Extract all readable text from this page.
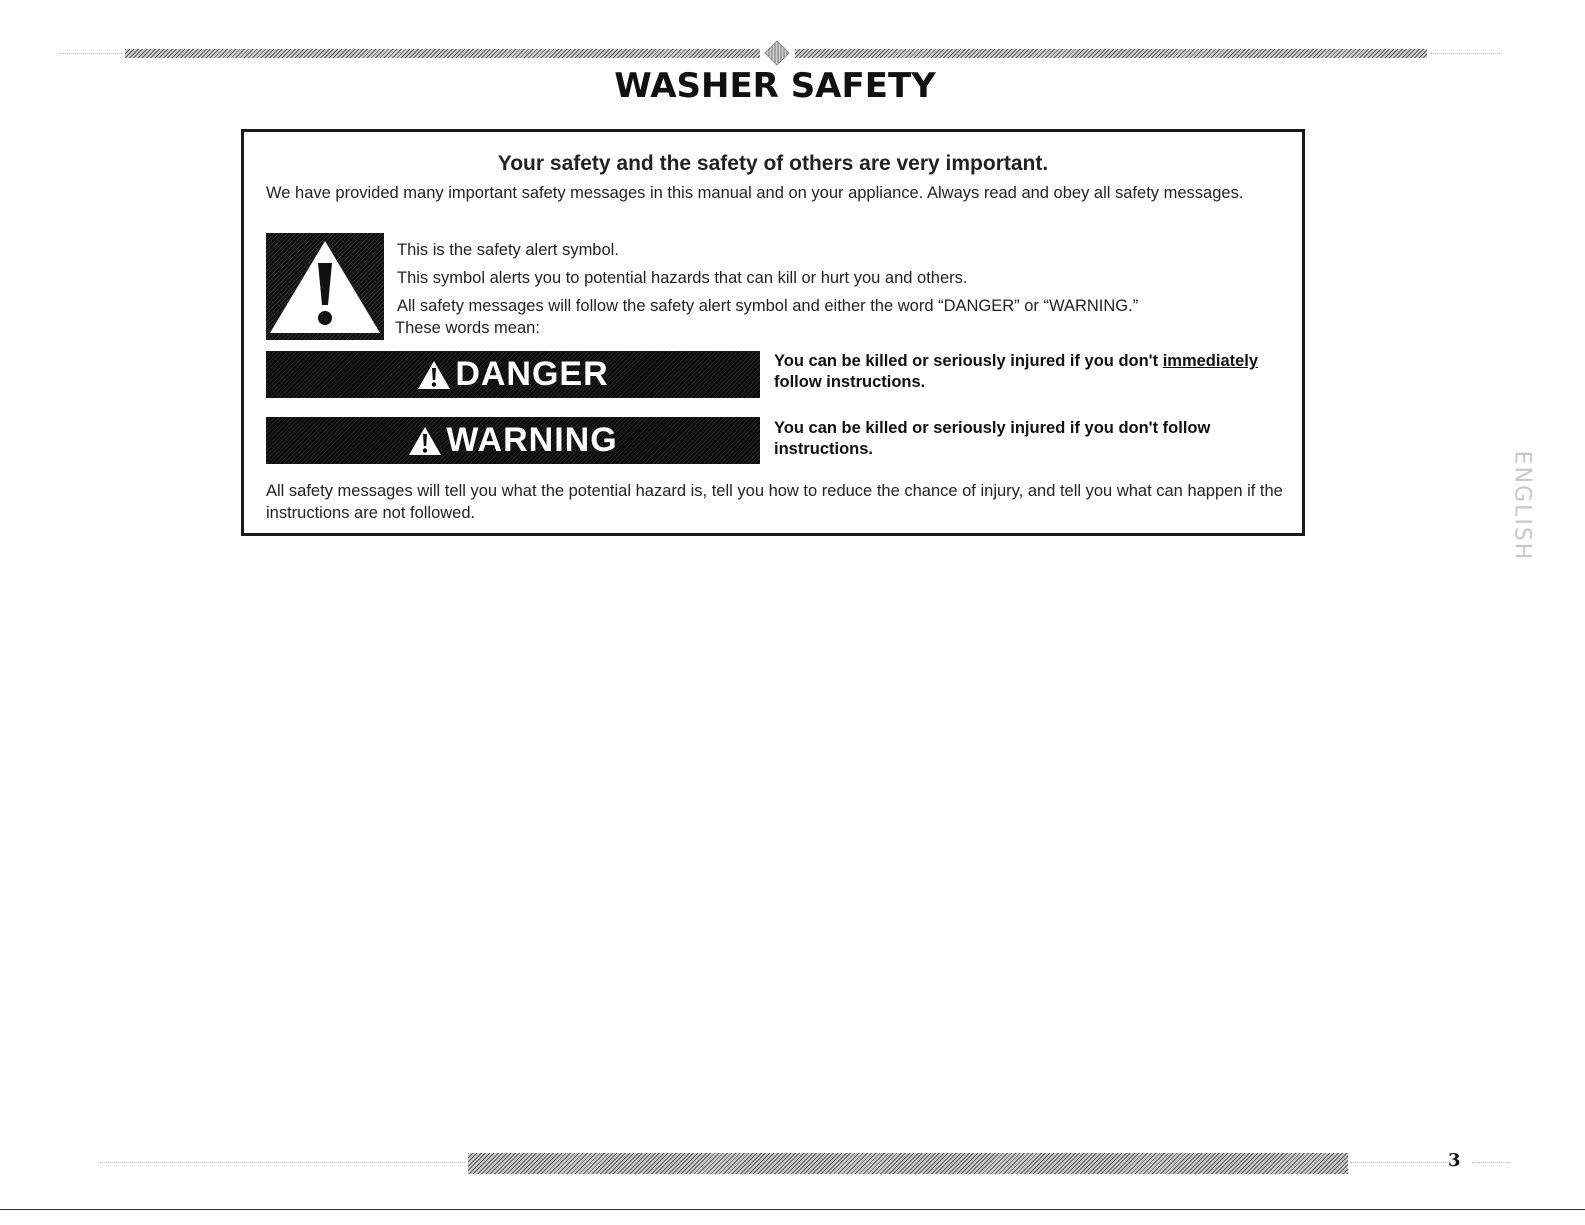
WASHER SAFETY
Your safety and the safety of others are very important.
We have provided many important safety messages in this manual and on your appliance. Always read and obey all safety messages.
This is the safety alert symbol.
This symbol alerts you to potential hazards that can kill or hurt you and others.
All safety messages will follow the safety alert symbol and either the word “DANGER” or “WARNING.”
These words mean:
DANGER	You can be killed or seriously injured if you don't immediately follow instructions.
WARNING	You can be killed or seriously injured if you don't follow instructions.
All safety messages will tell you what the potential hazard is, tell you how to reduce the chance of injury, and tell you what can happen if the instructions are not followed.	ENGLISH
3
